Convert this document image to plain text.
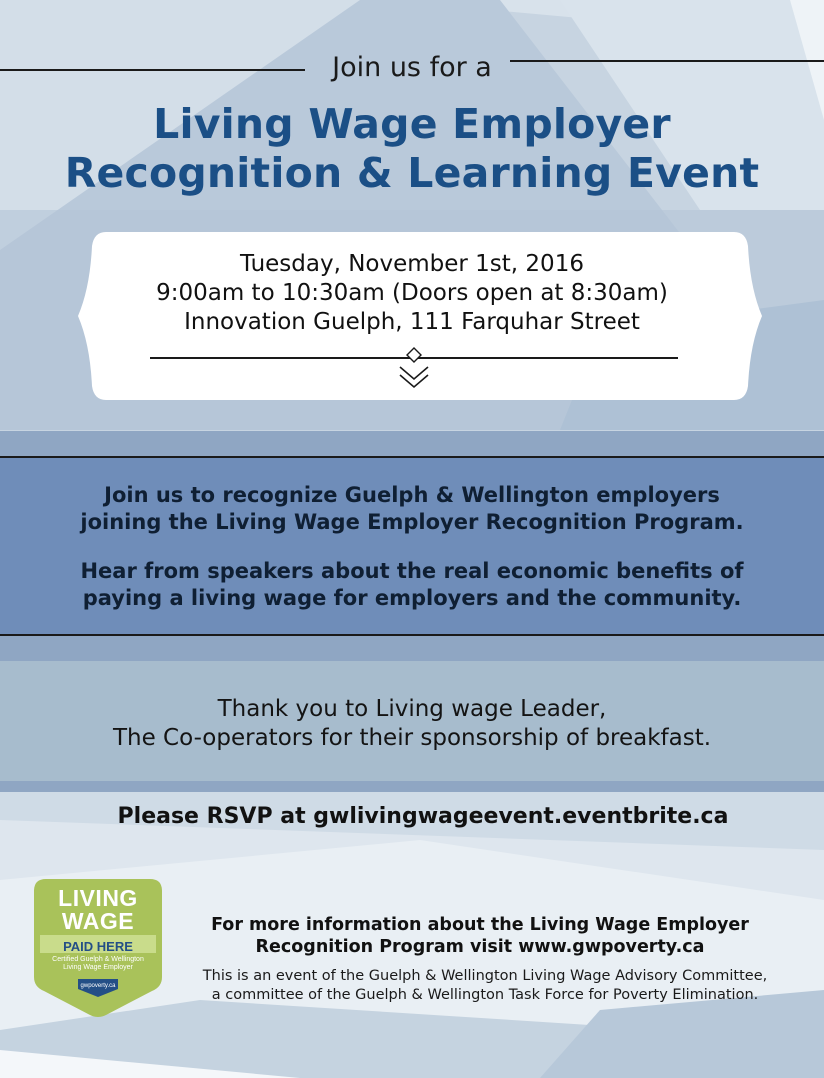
Join us for a
Living Wage Employer
Recognition & Learning Event
Tuesday, November 1st, 2016
9:00am to 10:30am (Doors open at 8:30am)
Innovation Guelph, 111 Farquhar Street
Join us to recognize Guelph & Wellington employers
joining the Living Wage Employer Recognition Program.
Hear from speakers about the real economic benefits of
paying a living wage for employers and the community.
Thank you to Living wage Leader,
The Co-operators for their sponsorship of breakfast.
Please RSVP at gwlivingwageevent.eventbrite.ca
LIVING
WAGE
PAID HERE
Certified Guelph & Wellington
Living Wage Employer
gwpoverty.ca
For more information about the Living Wage Employer
Recognition Program visit www.gwpoverty.ca
This is an event of the Guelph & Wellington Living Wage Advisory Committee,
a committee of the Guelph & Wellington Task Force for Poverty Elimination.
